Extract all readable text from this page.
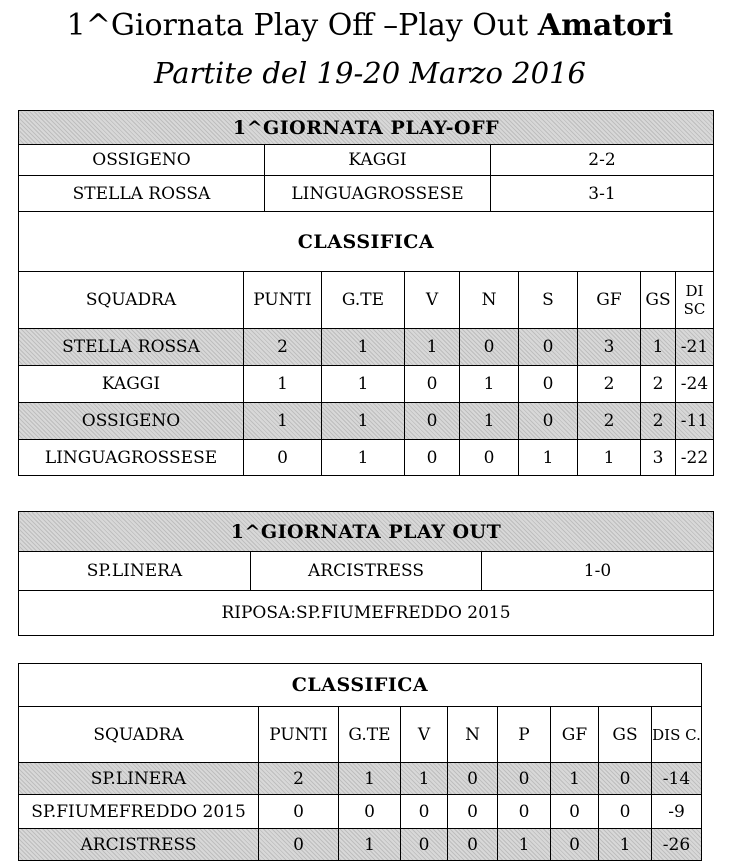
1^Giornata Play Off –Play Out Amatori
Partite del 19-20 Marzo 2016
1^GIORNATA PLAY-OFF		
OSSIGENO	KAGGI	2-2
STELLA ROSSA	LINGUAGROSSESE	3-1
CLASSIFICA		
SQUADRA	PUNTI	G.TE	V	N	S	GF	GS	DI SC
STELLA ROSSA	2	1	1	0	0	3	1	-21
KAGGI	1	1	0	1	0	2	2	-24
OSSIGENO	1	1	0	1	0	2	2	-11
LINGUAGROSSESE	0	1	0	0	1	1	3	-22
1^GIORNATA PLAY OUT
SP.LINERA	ARCISTRESS	1-0
RIPOSA:SP.FIUMEFREDDO 2015
CLASSIFICA								
SQUADRA	PUNTI	G.TE	V	N	P	GF	GS	DIS C.
SP.LINERA	2	1	1	0	0	1	0	-14
SP.FIUMEFREDDO 2015	0	0	0	0	0	0	0	-9
ARCISTRESS	0	1	0	0	1	0	1	-26
